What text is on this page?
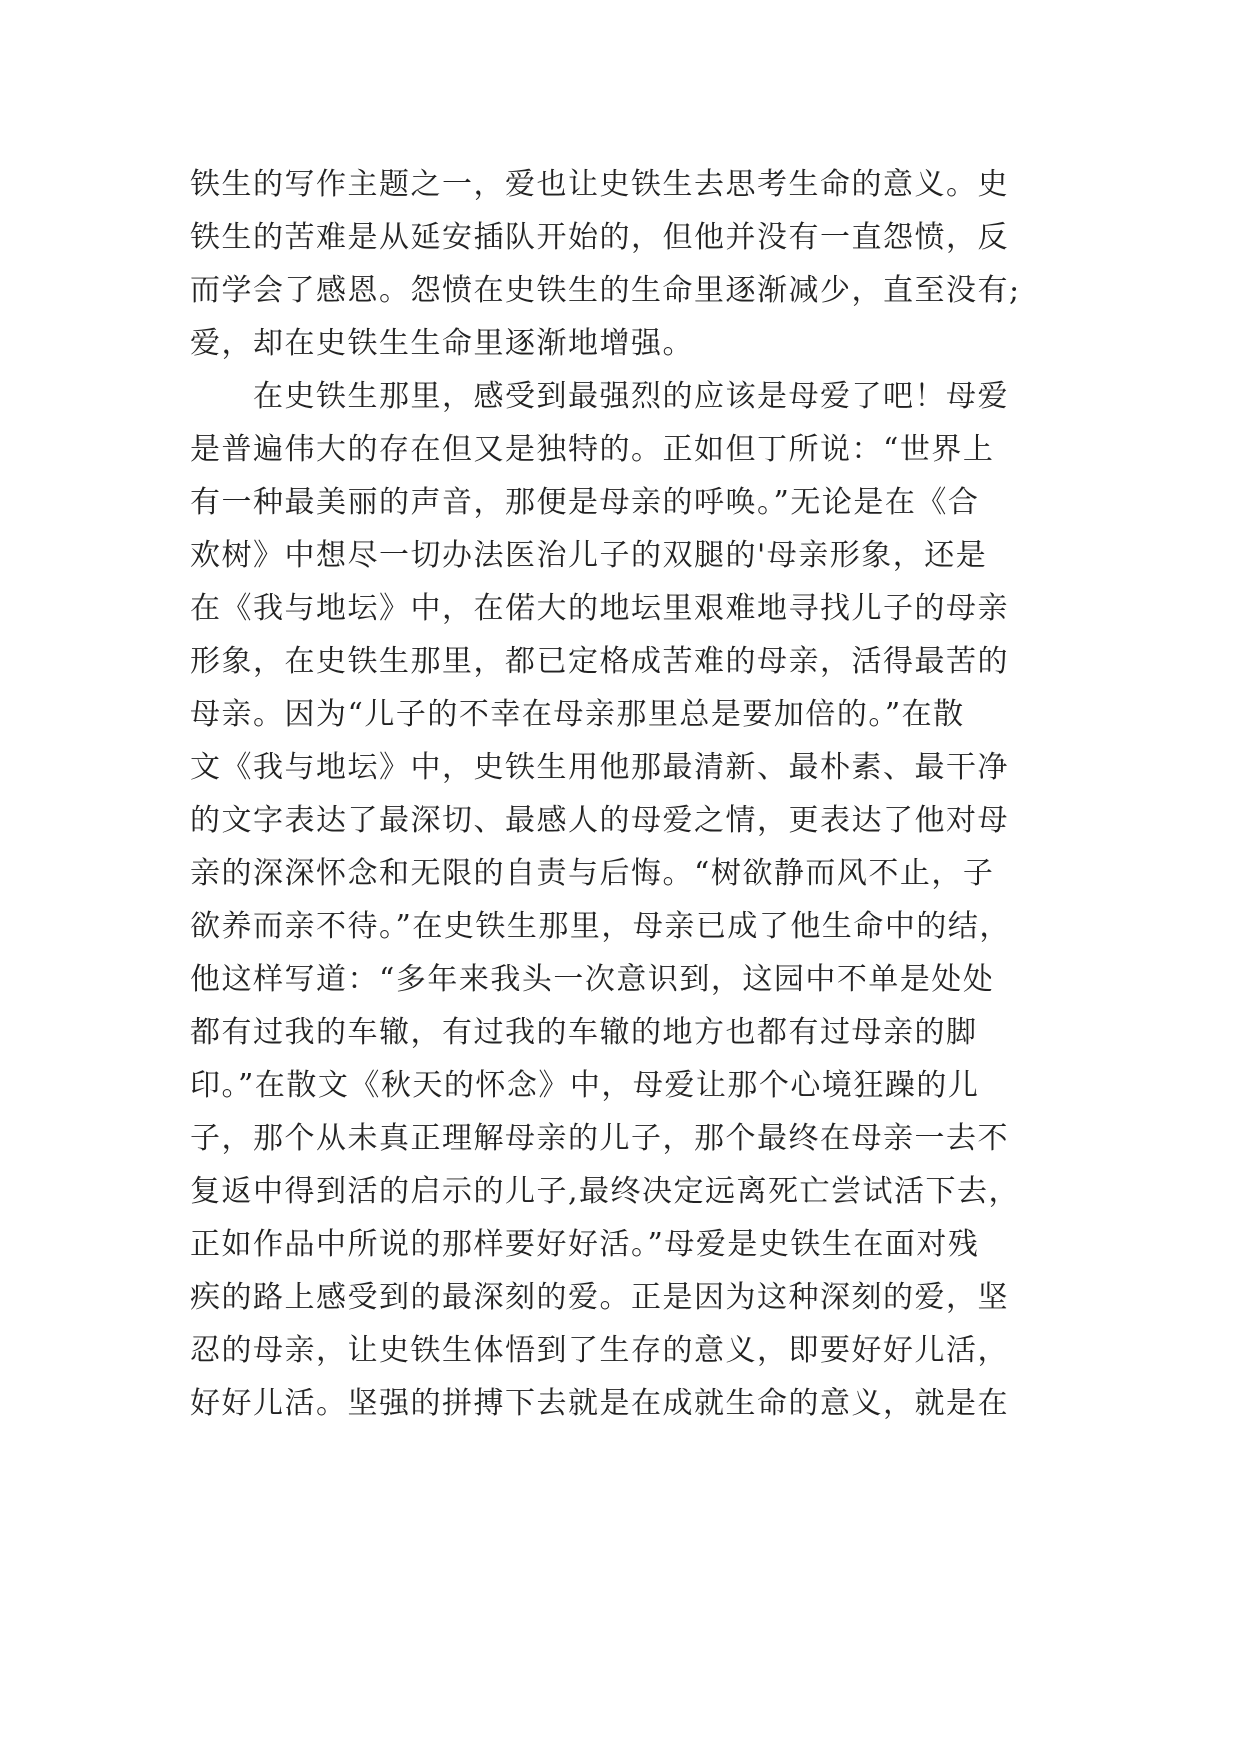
铁生的写作主题之一，爱也让史铁生去思考生命的意义。史
铁生的苦难是从延安插队开始的，但他并没有一直怨愤，反
而学会了感恩。怨愤在史铁生的生命里逐渐减少，直至没有;
爱，却在史铁生生命里逐渐地增强。
　　在史铁生那里，感受到最强烈的应该是母爱了吧！母爱
是普遍伟大的存在但又是独特的。正如但丁所说：“世界上
有一种最美丽的声音，那便是母亲的呼唤。”无论是在《合
欢树》中想尽一切办法医治儿子的双腿的'母亲形象，还是
在《我与地坛》中，在偌大的地坛里艰难地寻找儿子的母亲
形象，在史铁生那里，都已定格成苦难的母亲，活得最苦的
母亲。因为“儿子的不幸在母亲那里总是要加倍的。”在散
文《我与地坛》中，史铁生用他那最清新、最朴素、最干净
的文字表达了最深切、最感人的母爱之情，更表达了他对母
亲的深深怀念和无限的自责与后悔。“树欲静而风不止，子
欲养而亲不待。”在史铁生那里，母亲已成了他生命中的结，
他这样写道：“多年来我头一次意识到，这园中不单是处处
都有过我的车辙，有过我的车辙的地方也都有过母亲的脚
印。”在散文《秋天的怀念》中，母爱让那个心境狂躁的儿
子，那个从未真正理解母亲的儿子，那个最终在母亲一去不
复返中得到活的启示的儿子,最终决定远离死亡尝试活下去，
正如作品中所说的那样要好好活。”母爱是史铁生在面对残
疾的路上感受到的最深刻的爱。正是因为这种深刻的爱，坚
忍的母亲，让史铁生体悟到了生存的意义，即要好好儿活，
好好儿活。坚强的拼搏下去就是在成就生命的意义，就是在
